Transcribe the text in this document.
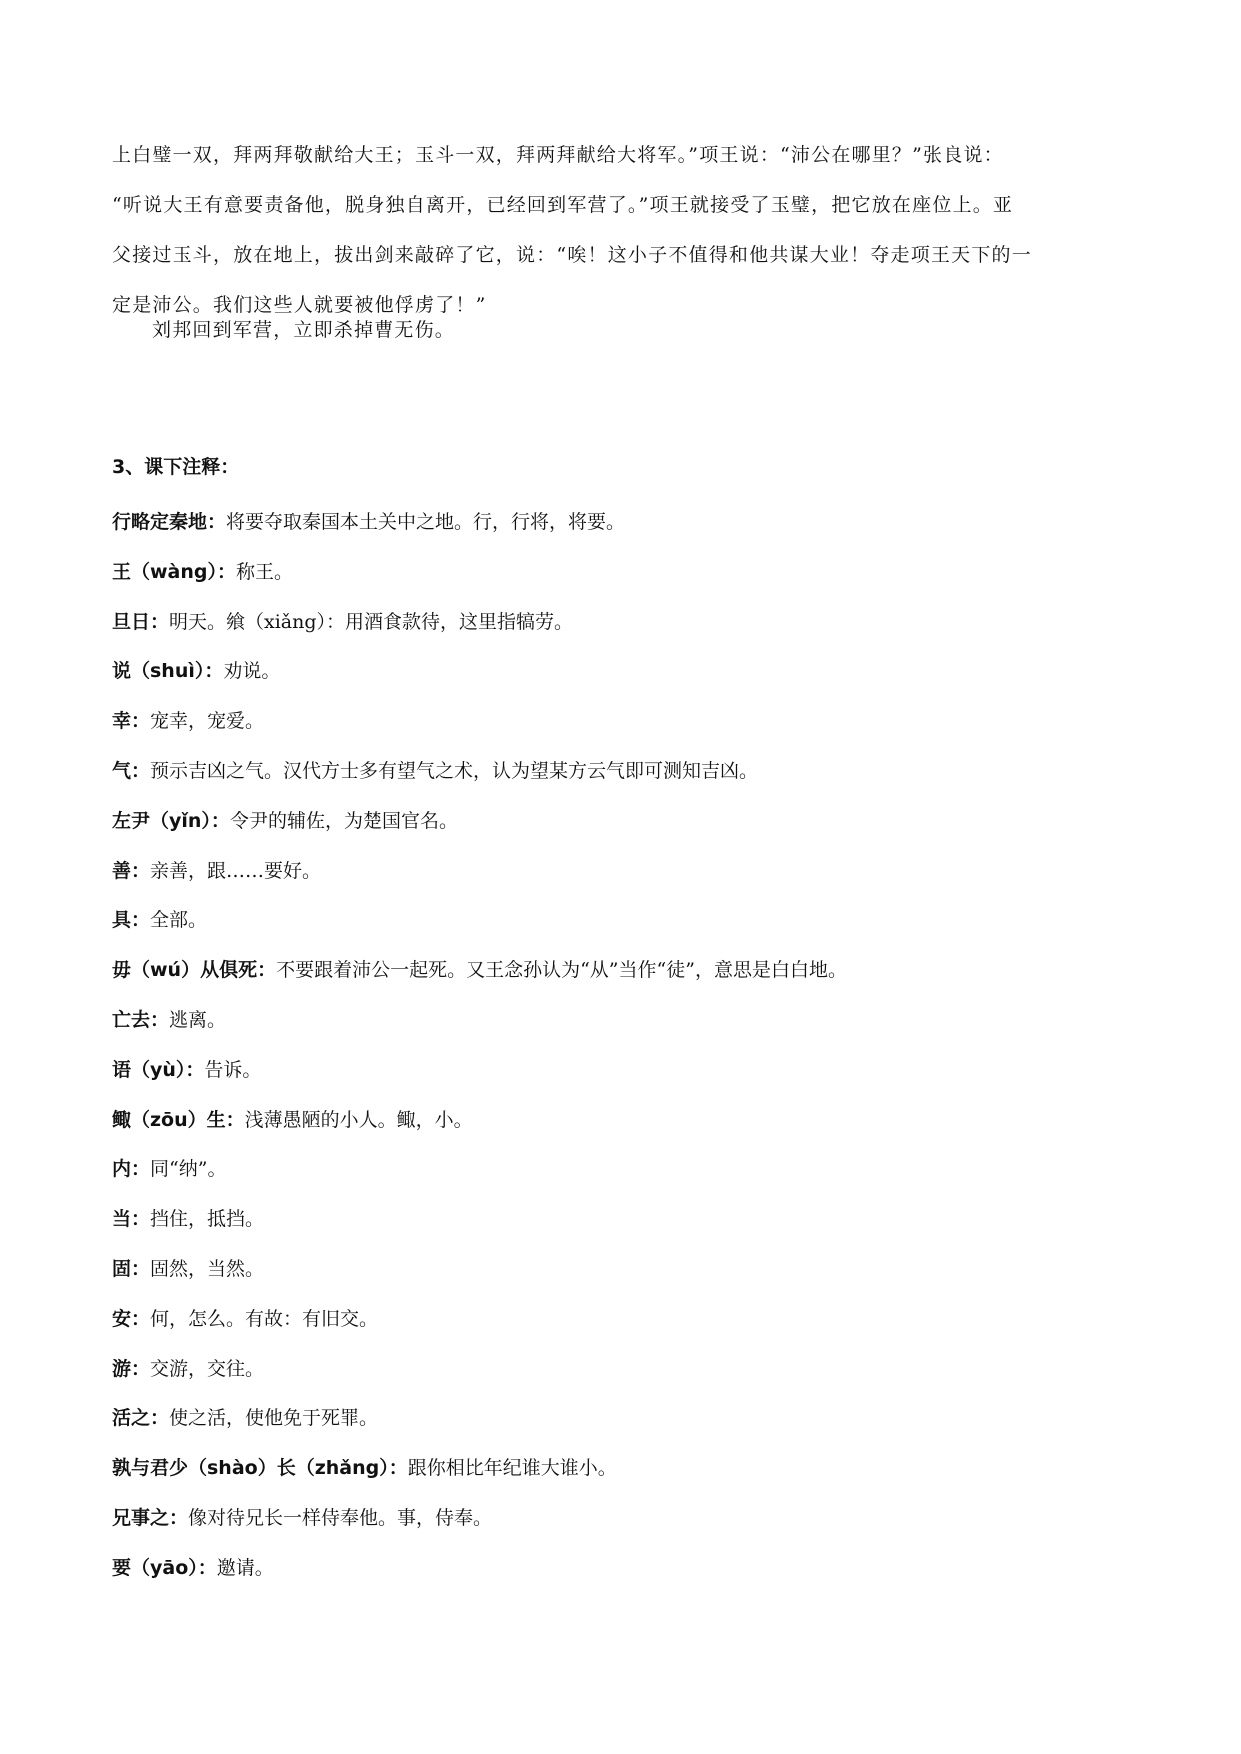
上白璧一双，拜两拜敬献给大王；玉斗一双，拜两拜献给大将军。”项王说：“沛公在哪里？”张良说：

“听说大王有意要责备他，脱身独自离开，已经回到军营了。”项王就接受了玉璧，把它放在座位上。亚

父接过玉斗，放在地上，拔出剑来敲碎了它，说：“唉！这小子不值得和他共谋大业！夺走项王天下的一

定是沛公。我们这些人就要被他俘虏了！”

刘邦回到军营，立即杀掉曹无伤。

3、课下注释：
行略定秦地：将要夺取秦国本土关中之地。行，行将，将要。
王（wàng）：称王。
旦日：明天。飨（xiǎng）：用酒食款待，这里指犒劳。
说（shuì）：劝说。
幸：宠幸，宠爱。
气：预示吉凶之气。汉代方士多有望气之术，认为望某方云气即可测知吉凶。
左尹（yǐn）：令尹的辅佐，为楚国官名。
善：亲善，跟……要好。
具：全部。
毋（wú）从俱死：不要跟着沛公一起死。又王念孙认为“从”当作“徒”，意思是白白地。
亡去：逃离。
语（yù）：告诉。
鲰（zōu）生：浅薄愚陋的小人。鲰，小。
内：同“纳”。
当：挡住，抵挡。
固：固然，当然。
安：何，怎么。有故：有旧交。
游：交游，交往。
活之：使之活，使他免于死罪。
孰与君少（shào）长（zhǎng）：跟你相比年纪谁大谁小。
兄事之：像对待兄长一样侍奉他。事，侍奉。
要（yāo）：邀请。
